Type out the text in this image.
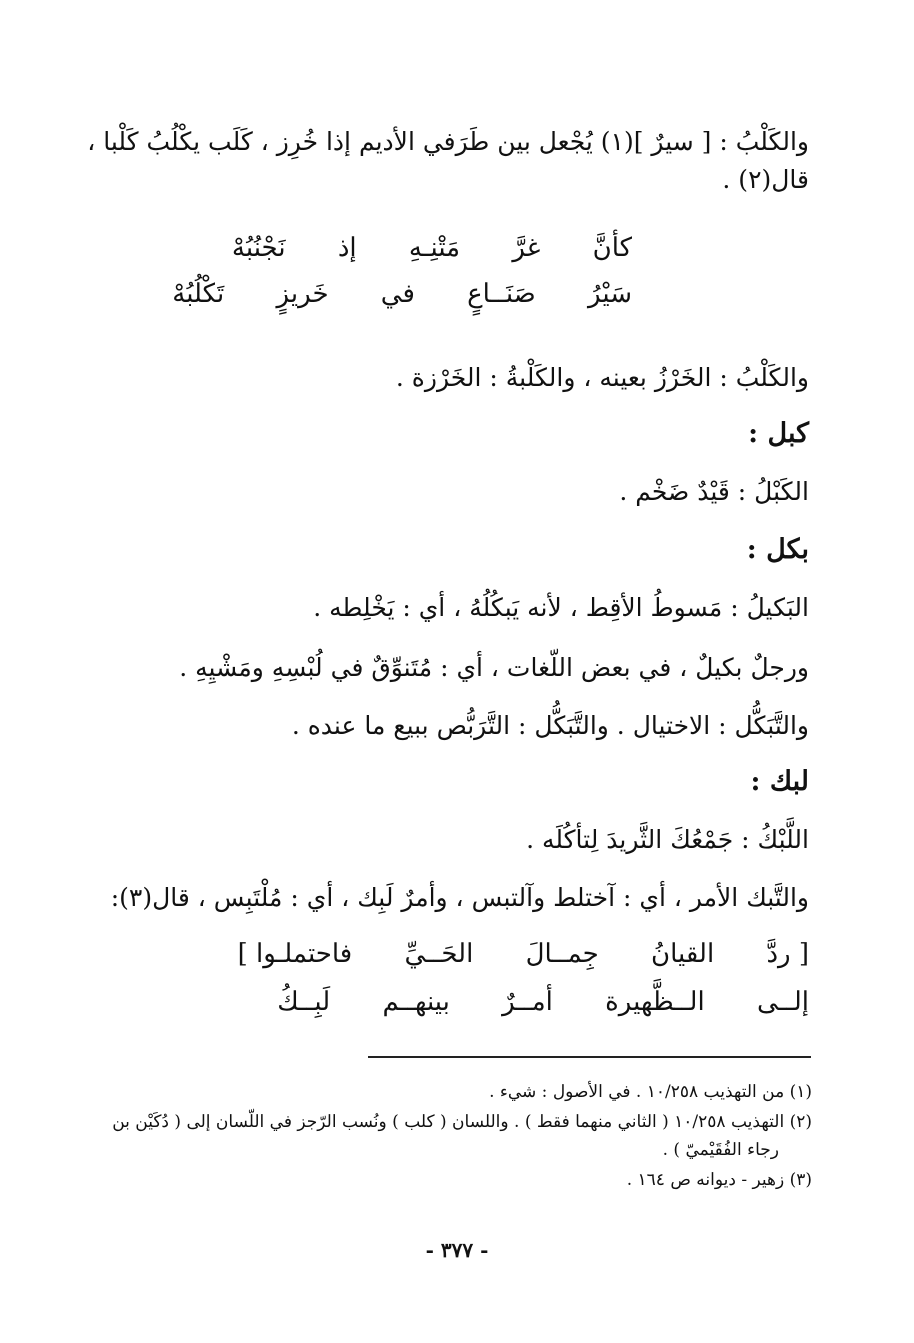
والكَلْبُ : [ سيرٌ ](١) يُجْعل بين طَرَفي الأديم إذا خُرِز ، كَلَب يكْلُبُ كَلْبا ،
قال(٢) .
كأنَّ غرَّ مَتْنِـهِ إذ نَجْنُبُهْ
سَيْرُ صَنَــاعٍ في خَريزٍ تَكْلُبُهْ
والكَلْبُ : الخَرْزُ بعينه ، والكَلْبةُ : الخَرْزة .
كبل :
الكَبْلُ : قَيْدٌ ضَخْم .
بكل :
البَكيلُ : مَسوطُ الأقِط ، لأنه يَبكُلُهُ ، أي : يَخْلِطه .
ورجلٌ بكيلٌ ، في بعض اللّغات ، أي : مُتَنوِّقٌ في لُبْسِهِ ومَشْيِهِ .
والتَّبَكُّل : الاختيال . والتَّبَكُّل : التَّرَبُّص ببيع ما عنده .
لبك :
اللَّبْكُ : جَمْعُكَ الثَّريدَ لِتأكُلَه .
والتَّبك الأمر ، أي : آختلط وآلتبس ، وأمرٌ لَبِك ، أي : مُلْتَبِس ، قال(٣):
[ ردَّ القيانُ جِمــالَ الحَــيِّ فاحتملـوا ]
إلــى الــظَّهيرة أمــرٌ بينهــم لَبِــكُ
(١) من التهذيب ١٠/٢٥٨ . في الأصول : شيء .
(٢) التهذيب ١٠/٢٥٨ ( الثاني منهما فقط ) . واللسان ( كلب ) ونُسب الرّجز في اللّسان إلى ( دُكَيْن بن
رجاء الفُقَيْميّ ) .
(٣) زهير - ديوانه ص ١٦٤ .
- ٣٧٧ -
